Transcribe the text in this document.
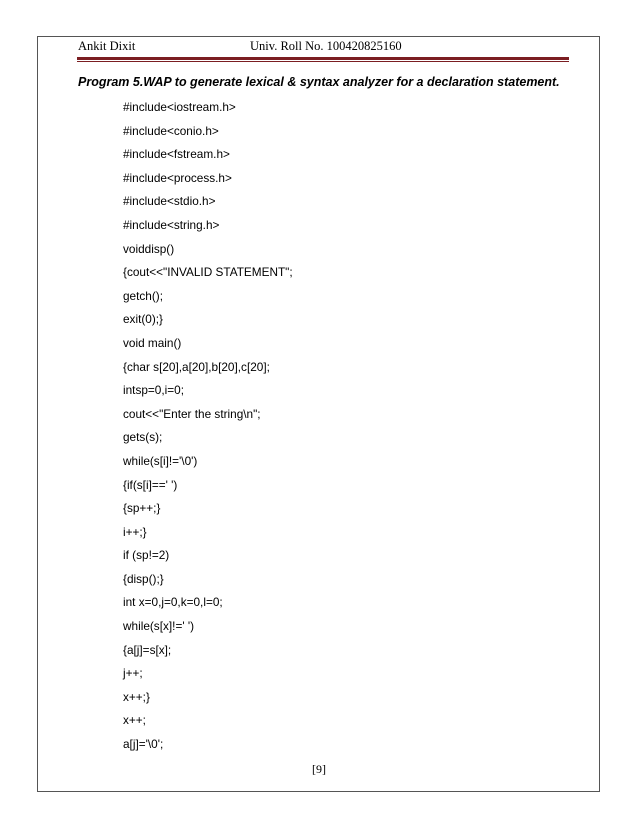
Ankit Dixit	Univ. Roll No. 100420825160
Program 5.WAP to generate lexical & syntax analyzer for a declaration statement.
#include<iostream.h>
#include<conio.h>
#include<fstream.h>
#include<process.h>
#include<stdio.h>
#include<string.h>
voiddisp()
{cout<<"INVALID STATEMENT";
getch();
exit(0);}
void main()
{char s[20],a[20],b[20],c[20];
intsp=0,i=0;
cout<<"Enter the string\n";
gets(s);
while(s[i]!='\0')
{if(s[i]==' ')
{sp++;}
i++;}
if (sp!=2)
{disp();}
int x=0,j=0,k=0,l=0;
while(s[x]!=' ')
{a[j]=s[x];
j++;
x++;}
x++;
a[j]='\0';
[9]
